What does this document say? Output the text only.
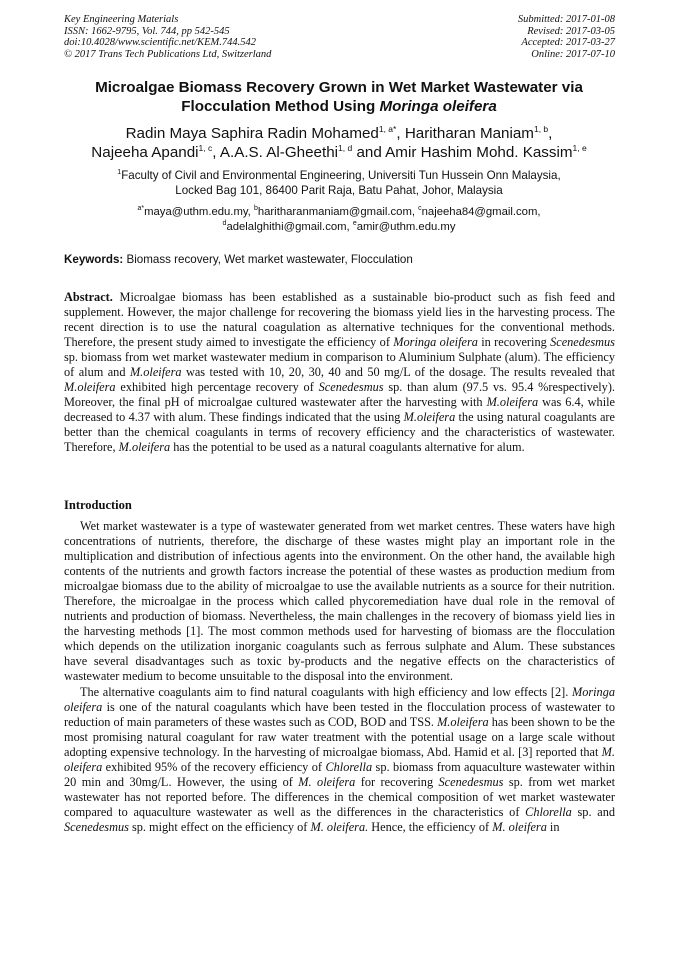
Key Engineering Materials
ISSN: 1662-9795, Vol. 744, pp 542-545
doi:10.4028/www.scientific.net/KEM.744.542
© 2017 Trans Tech Publications Ltd, Switzerland
Submitted: 2017-01-08
Revised: 2017-03-05
Accepted: 2017-03-27
Online: 2017-07-10
Microalgae Biomass Recovery Grown in Wet Market Wastewater via
Flocculation Method Using Moringa oleifera
Radin Maya Saphira Radin Mohamed$^{1, a*}$, Haritharan Maniam$^{1, b}$,
Najeeha Apandi$^{1, c}$, A.A.S. Al-Gheethi$^{1, d}$ and Amir Hashim Mohd. Kassim$^{1, e}$
$^1$Faculty of Civil and Environmental Engineering, Universiti Tun Hussein Onn Malaysia,
Locked Bag 101, 86400 Parit Raja, Batu Pahat, Johor, Malaysia
$^{a*}$maya@uthm.edu.my, $^b$haritharanmaniam@gmail.com, $^c$najeeha84@gmail.com,
$^d$adelalghithi@gmail.com, $^e$amir@uthm.edu.my
Keywords: Biomass recovery, Wet market wastewater, Flocculation
Abstract. Microalgae biomass has been established as a sustainable bio-product such as fish feed and supplement. However, the major challenge for recovering the biomass yield lies in the harvesting process. The recent direction is to use the natural coagulation as alternative techniques for the conventional methods. Therefore, the present study aimed to investigate the efficiency of Moringa oleifera in recovering Scenedesmus sp. biomass from wet market wastewater medium in comparison to Aluminium Sulphate (alum). The efficiency of alum and M.oleifera was tested with 10, 20, 30, 40 and 50 mg/L of the dosage. The results revealed that M.oleifera exhibited high percentage recovery of Scenedesmus sp. than alum (97.5 vs. 95.4 %respectively). Moreover, the final pH of microalgae cultured wastewater after the harvesting with M.oleifera was 6.4, while decreased to 4.37 with alum. These findings indicated that the using M.oleifera the using natural coagulants are better than the chemical coagulants in terms of recovery efficiency and the characteristics of wastewater. Therefore, M.oleifera has the potential to be used as a natural coagulants alternative for alum.
Introduction

Wet market wastewater is a type of wastewater generated from wet market centres. These waters have high concentrations of nutrients, therefore, the discharge of these wastes might play an important role in the multiplication and distribution of infectious agents into the environment. On the other hand, the available high contents of the nutrients and growth factors increase the potential of these wastes as production medium from microalgae biomass due to the ability of microalgae to use the available nutrients as a source for their nutrition. Therefore, the microalgae in the process which called phycoremediation have dual role in the removal of nutrients and production of biomass. Nevertheless, the main challenges in the recovery of biomass yield lies in the harvesting methods [1]. The most common methods used for harvesting of biomass are the flocculation which depends on the utilization inorganic coagulants such as ferrous sulphate and Alum. These substances have several disadvantages such as toxic by-products and the negative effects on the characteristics of wastewater medium to become unsuitable to the disposal into the environment.

The alternative coagulants aim to find natural coagulants with high efficiency and low effects [2]. Moringa oleifera is one of the natural coagulants which have been tested in the flocculation process of wastewater to reduction of main parameters of these wastes such as COD, BOD and TSS. M.oleifera has been shown to be the most promising natural coagulant for raw water treatment with the potential usage on a large scale without adopting expensive technology. In the harvesting of microalgae biomass, Abd. Hamid et al. [3] reported that M. oleifera exhibited 95% of the recovery efficiency of Chlorella sp. biomass from aquaculture wastewater within 20 min and 30mg/L. However, the using of M. oleifera for recovering Scenedesmus sp. from wet market wastewater has not reported before. The differences in the chemical composition of wet market wastewater compared to aquaculture wastewater as well as the differences in the characteristics of Chlorella sp. and Scenedesmus sp. might effect on the efficiency of M. oleifera. Hence, the efficiency of M. oleifera in
